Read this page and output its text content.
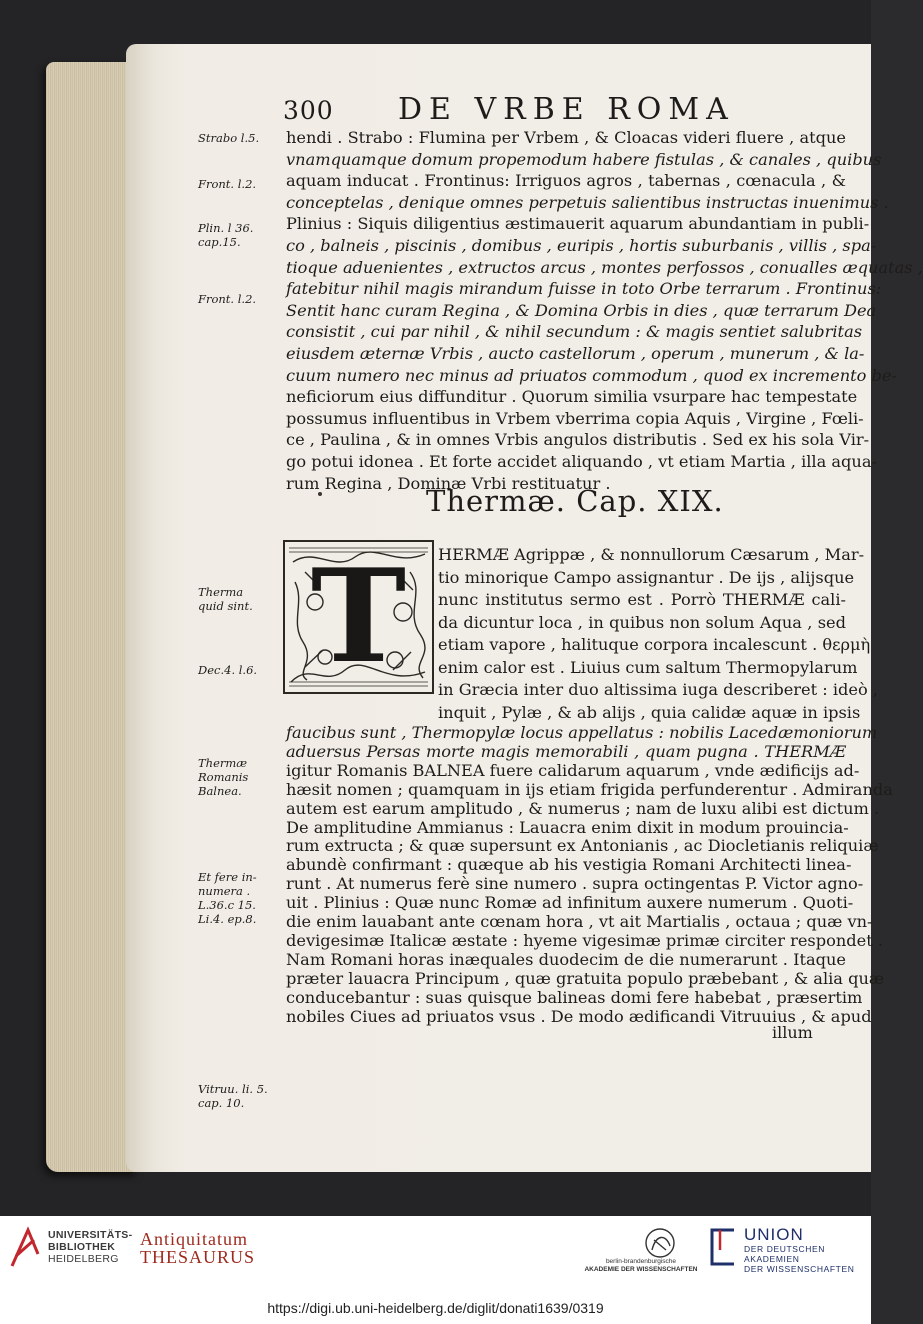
300 DE VRBE ROMA
hendi . Strabo : Flumina per Vrbem , & Cloacas videri fluere , atque
vnamquamque domum propemodum habere fistulas , & canales , quibus
aquam inducat . Frontinus: Irriguos agros , tabernas , cœnacula , &
conceptelas , denique omnes perpetuis salientibus instructas inuenimus .
Plinius : Siquis diligentius æstimauerit aquarum abundantiam in publi-
co , balneis , piscinis , domibus , euripis , hortis suburbanis , villis , spa-
tioque aduenientes , extructos arcus , montes perfossos , conualles æquatas ,
fatebitur nihil magis mirandum fuisse in toto Orbe terrarum . Frontinus:
Sentit hanc curam Regina , & Domina Orbis in dies , quæ terrarum Dea
consistit , cui par nihil , & nihil secundum : & magis sentiet salubritas
eiusdem æternæ Vrbis , aucto castellorum , operum , munerum , & la-
cuum numero nec minus ad priuatos commodum , quod ex incremento be-
neficiorum eius diffunditur . Quorum similia vsurpare hac tempestate
possumus influentibus in Vrbem vberrima copia Aquis , Virgine , Fœli-
ce , Paulina , & in omnes Vrbis angulos distributis . Sed ex his sola Vir-
go potui idonea . Et forte accidet aliquando , vt etiam Martia , illa aqua-
Thermæ. Cap. XIX.
T	HERMÆ Agrippæ , & nonnullorum Cæsarum , Mar-
tio minorique Campo assignantur . De ijs , alijsque
nunc institutus sermo est . Porrò THERMÆ cali-
da dicuntur loca , in quibus non solum Aqua , sed
etiam vapore , halituque corpora incalescunt . θερμὴ
enim calor est . Liuius cum saltum Thermopylarum
in Græcia inter duo altissima iuga describeret : ideò ,
inquit , Pylæ , & ab alijs , quia calidæ aquæ in ipsis
faucibus sunt , Thermopylæ locus appellatus : nobilis Lacedæmoniorum
aduersus Persas morte magis memorabili , quam pugna . THERMÆ
igitur Romanis BALNEA fuere calidarum aquarum , vnde ædificijs ad-
hæsit nomen ; quamquam in ijs etiam frigida perfunderentur . Admiranda
autem est earum amplitudo , & numerus ; nam de luxu alibi est dictum .
De amplitudine Ammianus : Lauacra enim dixit in modum prouincia-
rum extructa ; & quæ supersunt ex Antonianis , ac Diocletianis reliquiæ
abundè confirmant : quæque ab his vestigia Romani Architecti linea-
runt . At numerus ferè sine numero . supra octingentas P. Victor agno-
uit . Plinius : Quæ nunc Romæ ad infinitum auxere numerum . Quoti-
die enim lauabant ante cœnam hora , vt ait Martialis , octaua ; quæ vn-
devigesimæ Italicæ æstate : hyeme vigesimæ primæ circiter respondet .
Nam Romani horas inæquales duodecim de die numerarunt . Itaque
præter lauacra Principum , quæ gratuita populo præbebant , & alia quæ
conducebantur : suas quisque balineas domi fere habebat , præsertim
nobiles Ciues ad priuatos vsus . De modo ædificandi Vitruuius , & apud
illum
Strabo l.5.
Front. l.2.
Plin. l 36. cap.15.
Front. l.2.
Therma quid sint.
Dec.4. l.6.
Thermæ Romanis Balnea.
Et fere in- numera . L.36.c 15. Li.4. ep.8.
Vitruu. li. 5. cap. 10.
UNIVERSITÄTS-
BIBLIOTHEK
HEIDELBERG
Antiquitatum
THESAURUS	berlin-brandenburgische
AKADEMIE DER WISSENSCHAFTEN
UNION
DER DEUTSCHEN AKADEMIEN
DER WISSENSCHAFTEN
https://digi.ub.uni-heidelberg.de/diglit/donati1639/0319
rum Regina , Dominæ Vrbi restituatur .
